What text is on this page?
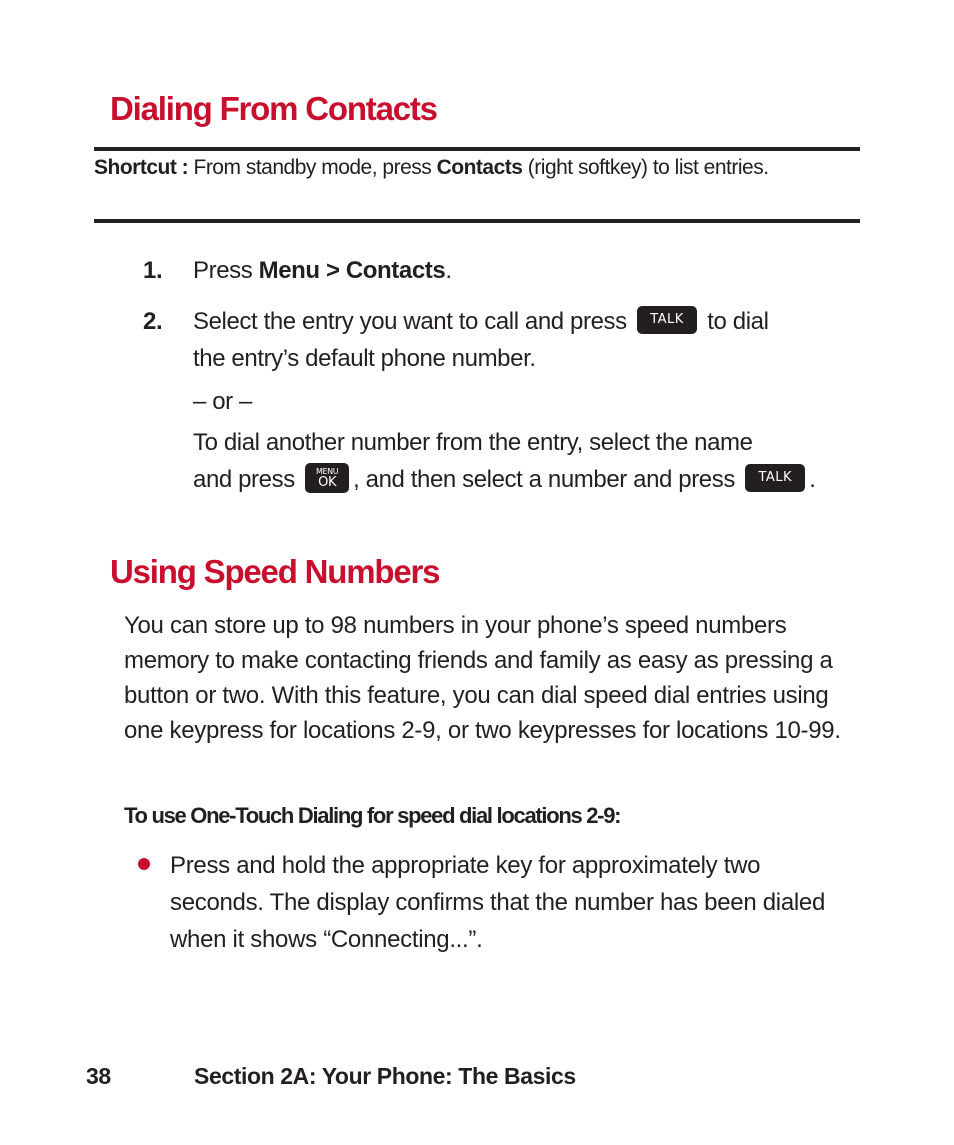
Dialing From Contacts
Shortcut : From standby mode, press Contacts (right softkey) to list entries.
1. Press Menu > Contacts.
2. Select the entry you want to call and press TALK to dial
the entry’s default phone number.
– or –
To dial another number from the entry, select the name
and press	MENU
OK , and then select a number and press TALK .
Using Speed Numbers

You can store up to 98 numbers in your phone’s speed numbers memory to make contacting friends and family as easy as pressing a button or two. With this feature, you can dial speed dial entries using one keypress for locations 2-9, or two keypresses for locations 10-99.

To use One-Touch Dialing for speed dial locations 2-9:

Press and hold the appropriate key for approximately two seconds. The display confirms that the number has been dialed when it shows “Connecting...”.

38	Section 2A: Your Phone: The Basics
